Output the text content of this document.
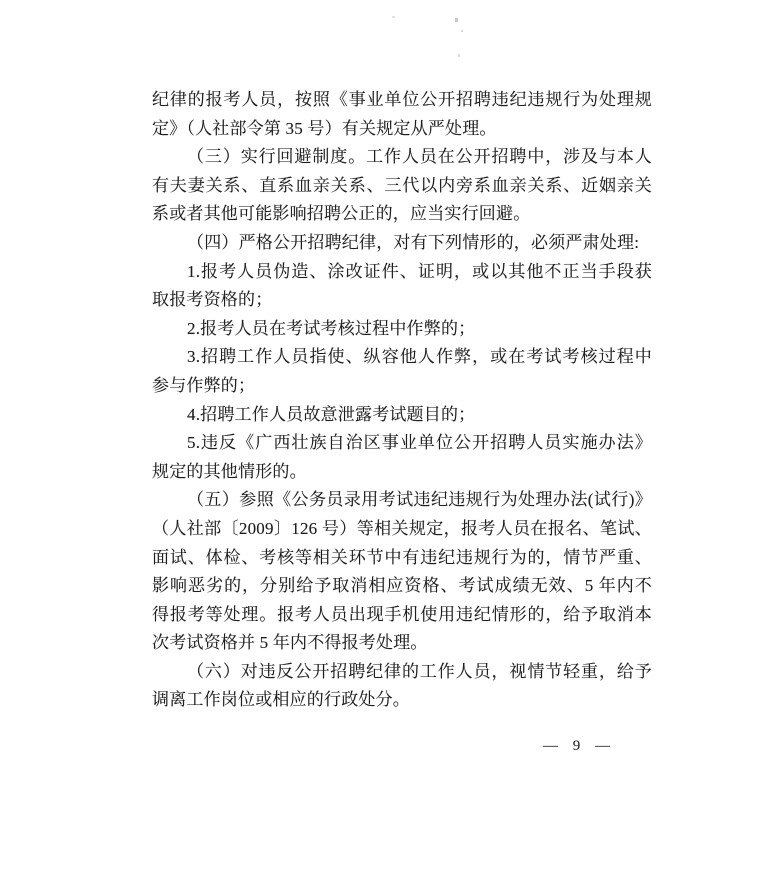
纪律的报考人员，按照《事业单位公开招聘违纪违规行为处理规
定》（人社部令第 35 号）有关规定从严处理。
（三）实行回避制度。工作人员在公开招聘中，涉及与本人
有夫妻关系、直系血亲关系、三代以内旁系血亲关系、近姻亲关
系或者其他可能影响招聘公正的，应当实行回避。
（四）严格公开招聘纪律，对有下列情形的，必须严肃处理:
1.报考人员伪造、涂改证件、证明，或以其他不正当手段获
取报考资格的；
2.报考人员在考试考核过程中作弊的；
3.招聘工作人员指使、纵容他人作弊，或在考试考核过程中
参与作弊的；
4.招聘工作人员故意泄露考试题目的；
5.违反《广西壮族自治区事业单位公开招聘人员实施办法》
规定的其他情形的。
（五）参照《公务员录用考试违纪违规行为处理办法(试行)》
（人社部〔2009〕126 号）等相关规定，报考人员在报名、笔试、
面试、体检、考核等相关环节中有违纪违规行为的，情节严重、
影响恶劣的，分别给予取消相应资格、考试成绩无效、5 年内不
得报考等处理。报考人员出现手机使用违纪情形的，给予取消本
次考试资格并 5 年内不得报考处理。
（六）对违反公开招聘纪律的工作人员，视情节轻重，给予
调离工作岗位或相应的行政处分。
— 9 —
